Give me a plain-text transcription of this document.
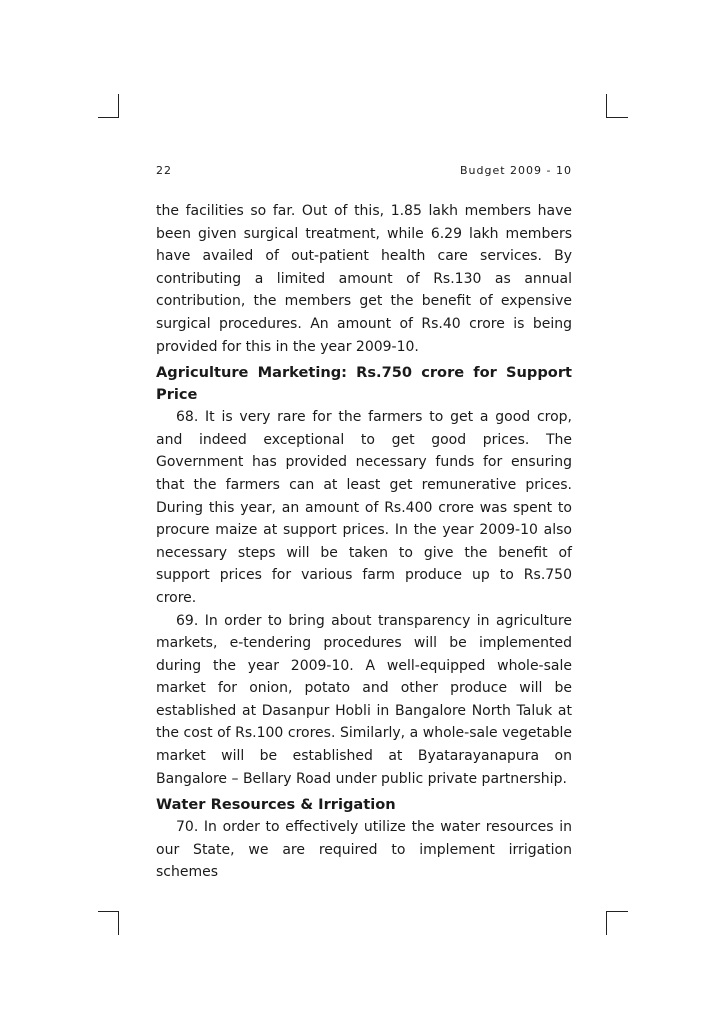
22	Budget 2009 - 10

the facilities so far. Out of this, 1.85 lakh members have been given surgical treatment, while 6.29 lakh members have availed of out-patient health care services. By contributing a limited amount of Rs.130 as annual contribution, the members get the benefit of expensive surgical procedures. An amount of Rs.40 crore is being provided for this in the year 2009-10.

Agriculture Marketing: Rs.750 crore for Support Price

68. It is very rare for the farmers to get a good crop, and indeed exceptional to get good prices. The Government has provided necessary funds for ensuring that the farmers can at least get remunerative prices. During this year, an amount of Rs.400 crore was spent to procure maize at support prices. In the year 2009-10 also necessary steps will be taken to give the benefit of support prices for various farm produce up to Rs.750 crore.

69. In order to bring about transparency in agriculture markets, e-tendering procedures will be implemented during the year 2009-10. A well-equipped whole-sale market for onion, potato and other produce will be established at Dasanpur Hobli in Bangalore North Taluk at the cost of Rs.100 crores. Similarly, a whole-sale vegetable market will be established at Byatarayanapura on Bangalore – Bellary Road under public private partnership.

Water Resources & Irrigation

70. In order to effectively utilize the water resources in our State, we are required to implement irrigation schemes
